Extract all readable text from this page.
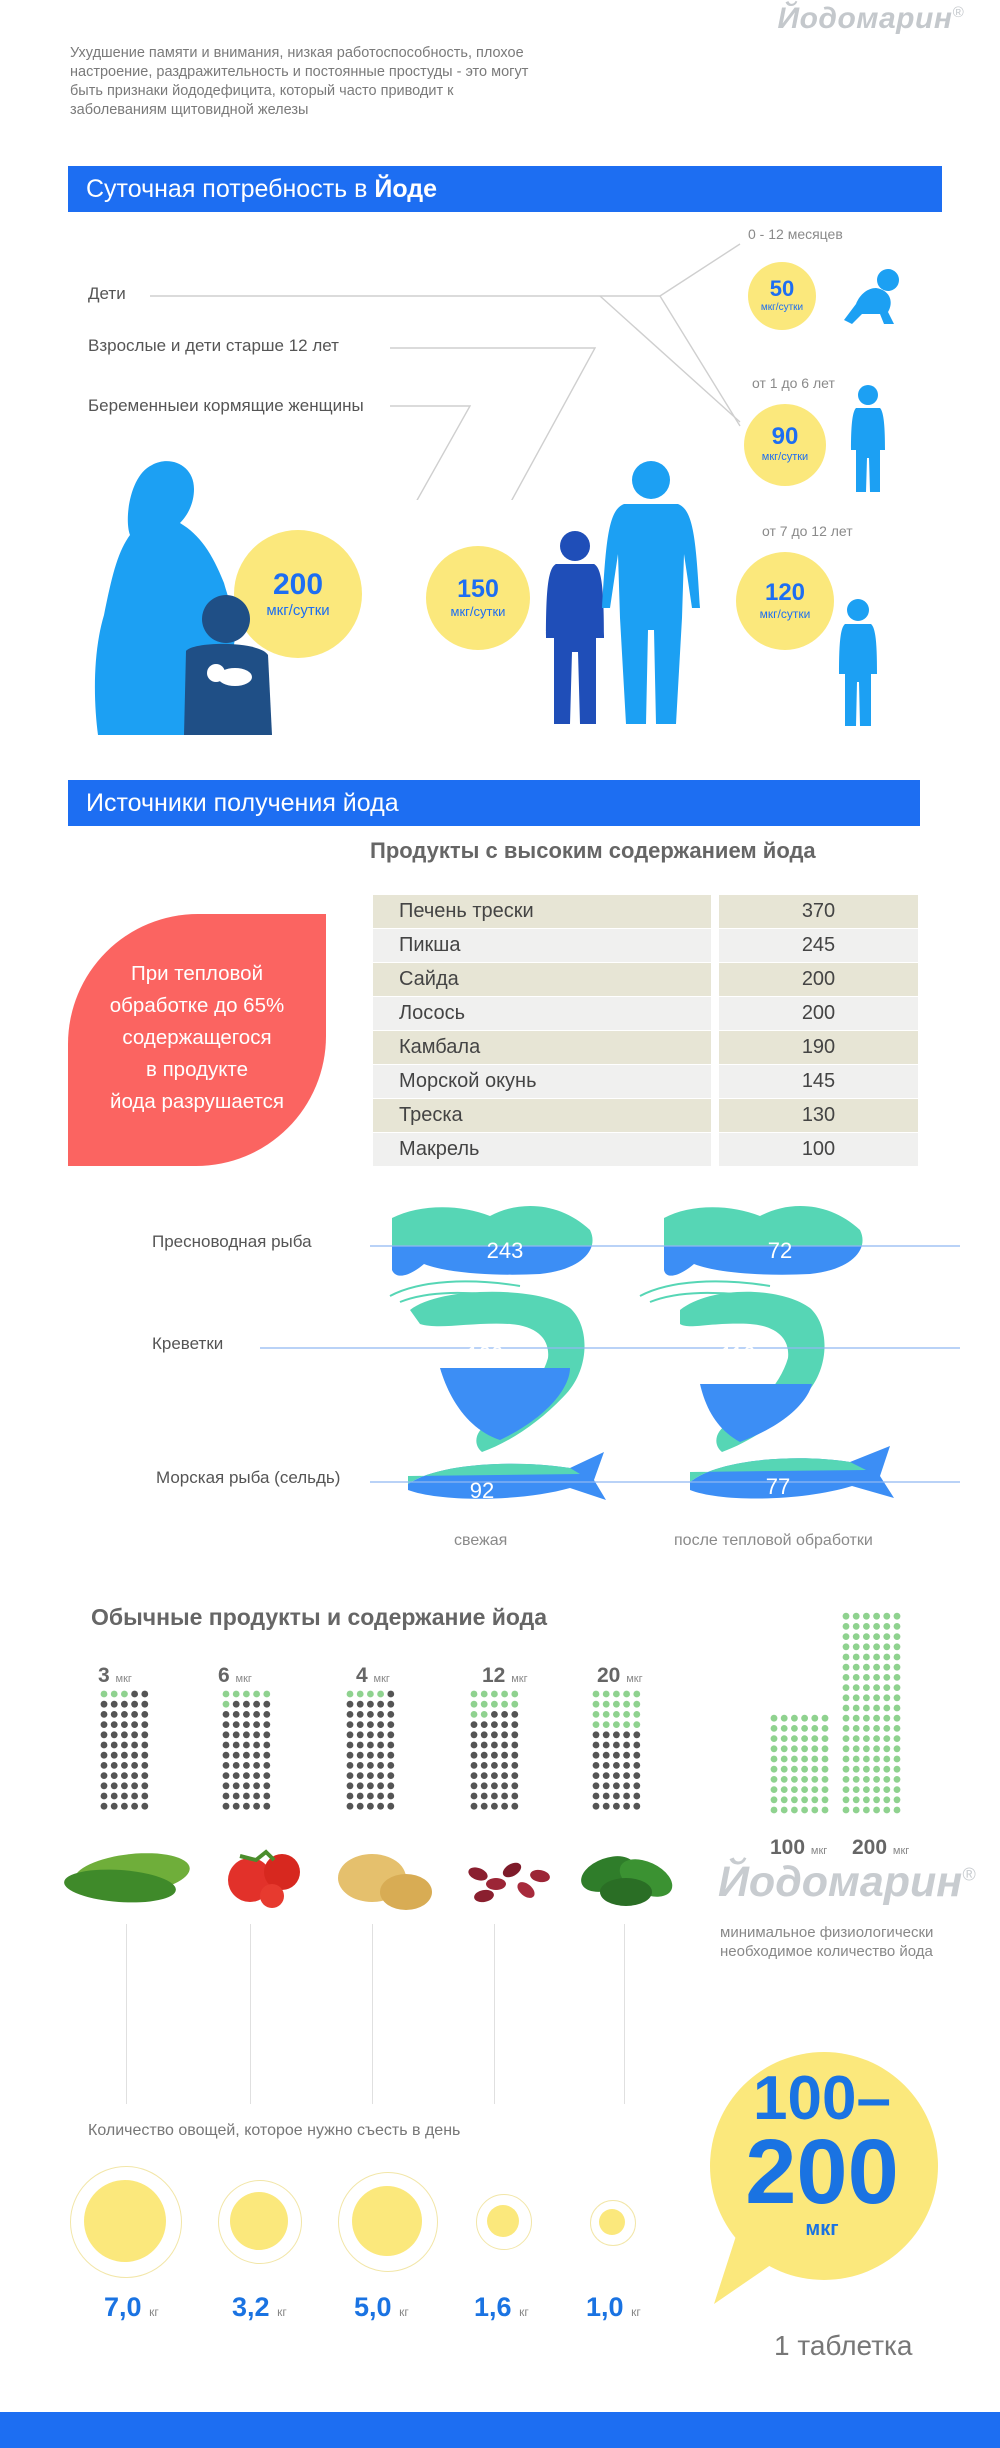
Йодомарин®
Ухудшение памяти и внимания, низкая работоспособность, плохое настроение, раздражительность и постоянные простуды - это могут быть признаки йододефицита, который часто приводит к заболеваниям щитовидной железы
Суточная потребность в Йоде
Дети
Взрослые и дети старше 12 лет
Беременныеи кормящие женщины
0 - 12 месяцев
от 1 до 6 лет
от 7 до 12 лет
50
мкг/сутки
90
мкг/сутки
120
мкг/сутки
150
мкг/сутки
200
мкг/сутки
Источники получения йода
Продукты с высоким содержанием йода
При тепловой
обработке до 65%
содержащегося
в продукте
йода разрушается
Печень трески	370
Пикша	245
Сайда	200
Лосось	200
Камбала	190
Морской окунь	145
Треска	130
Макрель	100
Пресноводная рыба
Креветки
Морская рыба (сельдь)
243	72
190	110
92	77
свежая	после тепловой обработки
Обычные продукты и содержание йода
3 мкг	6 мкг	4 мкг	12 мкг	20 мкг
100 мкг 200 мкг
Йодомарин®
минимальное физиологически необходимое количество йода
Количество овощей, которое нужно съесть в день
7,0 кг	3,2 кг 5,0 кг 1,6 кг 1,0 кг
100–
200
мкг
1 таблетка
